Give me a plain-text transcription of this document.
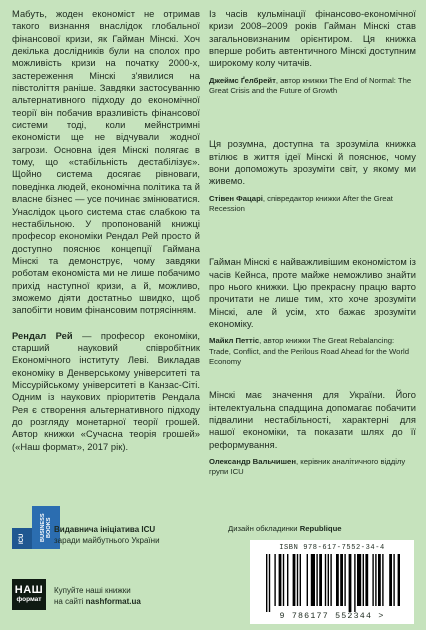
Мабуть, жоден економіст не отримав такого визнання внаслідок глобальної фінансової кризи, як Гайман Мінскі. Хоч декілька дослідників були на сполох про можливість кризи на початку 2000-х, застереження Мінскі з'явилися на півстоліття раніше. Завдяки застосуванню альтернативного підходу до економічної теорії він побачив вразливість фінансової системи тоді, коли мейнстримні економісти ще не відчували жодної загрози. Основна ідея Мінскі полягає в тому, що «стабільність дестабілізує». Щойно система досягає рівноваги, поведінка людей, економічна політика та й власне бізнес — усе починає змінюватися. Унаслідок цього система стає слабкою та нестабільною. У пропонованій книжці професор економіки Рендал Рей просто й доступно пояснює концепції Гаймана Мінскі та демонструє, чому завдяки роботам економіста ми не лише побачимо прихід наступної кризи, а й, можливо, зможемо діяти достатньо швидко, щоб запобігти новим фінансовим потрясінням.

Рендал Рей — професор економіки, старший науковий співробітник Економічного інституту Леві. Викладав економіку в Денверському університеті та Міссурійському університеті в Канзас-Сіті. Одним із наукових пріоритетів Рендала Рея є створення альтернативного підходу до розгляду монетарної теорії грошей. Автор книжки «Сучасна теорія грошей» («Наш формат», 2017 рік).

Із часів кульмінації фінансово-економічної кризи 2008–2009 років Гайман Мінскі став загальновизнаним орієнтиром. Ця книжка вперше робить автентичного Мінскі доступним широкому колу читачів.

Джеймс Ґелбрейт, автор книжки The End of Normal: The Great Crisis and the Future of Growth

Ця розумна, доступна та зрозуміла книжка втілює в життя ідеї Мінскі й пояснює, чому вони допоможуть зрозуміти світ, у якому ми живемо.

Стівен Фацарі, співредактор книжки After the Great Recession

Гайман Мінскі є найважливішим економістом із часів Кейнса, проте майже неможливо знайти про нього книжки. Цю прекрасну працю варто прочитати не лише тим, хто хоче зрозуміти Мінскі, але й усім, хто бажає зрозуміти економіку.

Майкл Петтіс, автор книжки The Great Rebalancing: Trade, Conflict, and the Perilous Road Ahead for the World Economy

Мінскі має значення для України. Його інтелектуальна спадщина допомагає побачити підвалини нестабільності, характерні для нашої економіки, та показати шлях до її реформування.

Олександр Вальчишен, керівник аналітичного відділу групи ICU

ICU	BUSINESS BOOKS Видавнича ініціатива ICU
заради майбутнього України
НАШ
формат
Купуйте наші книжки
на сайті nashformat.ua
Дизайн обкладинки Republique
ISBN 978-617-7552-34-4
9 786177 552344 >
